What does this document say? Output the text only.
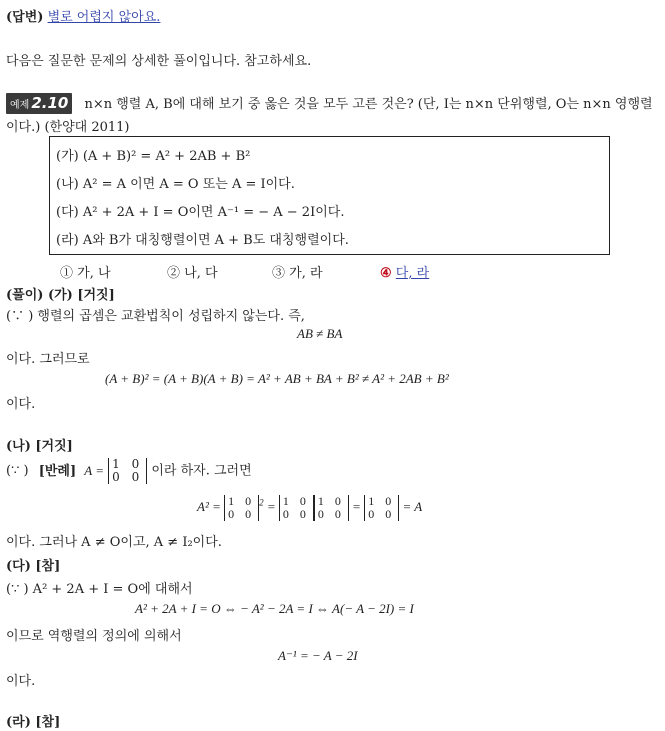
(답변) 별로 어렵지 않아요.
다음은 질문한 문제의 상세한 풀이입니다. 참고하세요.
예제 2.10 n×n 행렬 A, B에 대해 보기 중 옳은 것을 모두 고른 것은? (단, I는 n×n 단위행렬, O는 n×n 영행렬
이다.) (한양대 2011)
(가) (A + B)² = A² + 2AB + B²
(나) A² = A 이면 A = O 또는 A = I이다.
(다) A² + 2A + I = O이면 A⁻¹ = − A − 2I이다.
(라) A와 B가 대칭행렬이면 A + B도 대칭행렬이다.
① 가, 나	② 나, 다	③ 가, 라	④ 다, 라
(풀이) (가) [거짓]
(∵ ) 행렬의 곱셈은 교환법칙이 성립하지 않는다. 즉,
AB ≠ BA
이다. 그러므로
(A + B)² = (A + B)(A + B) = A² + AB + BA + B² ≠ A² + 2AB + B²
이다.
(나) [거짓]
(∵ ) [반례] A = 1 0
0 0 이라 하자. 그러면
A² = 1 0
0 0
$^2$ = 1 0
0 0
1 0
0 0
= 1 0
0 0
= A
이다. 그러나 A ≠ O이고, A ≠ I₂이다.
(다) [참]
(∵ ) A² + 2A + I = O에 대해서
A² + 2A + I = O ⇔ − A² − 2A = I ⇔ A(− A − 2I) = I
이므로 역행렬의 정의에 의해서
A⁻¹ = − A − 2I
이다.
(라) [참]
